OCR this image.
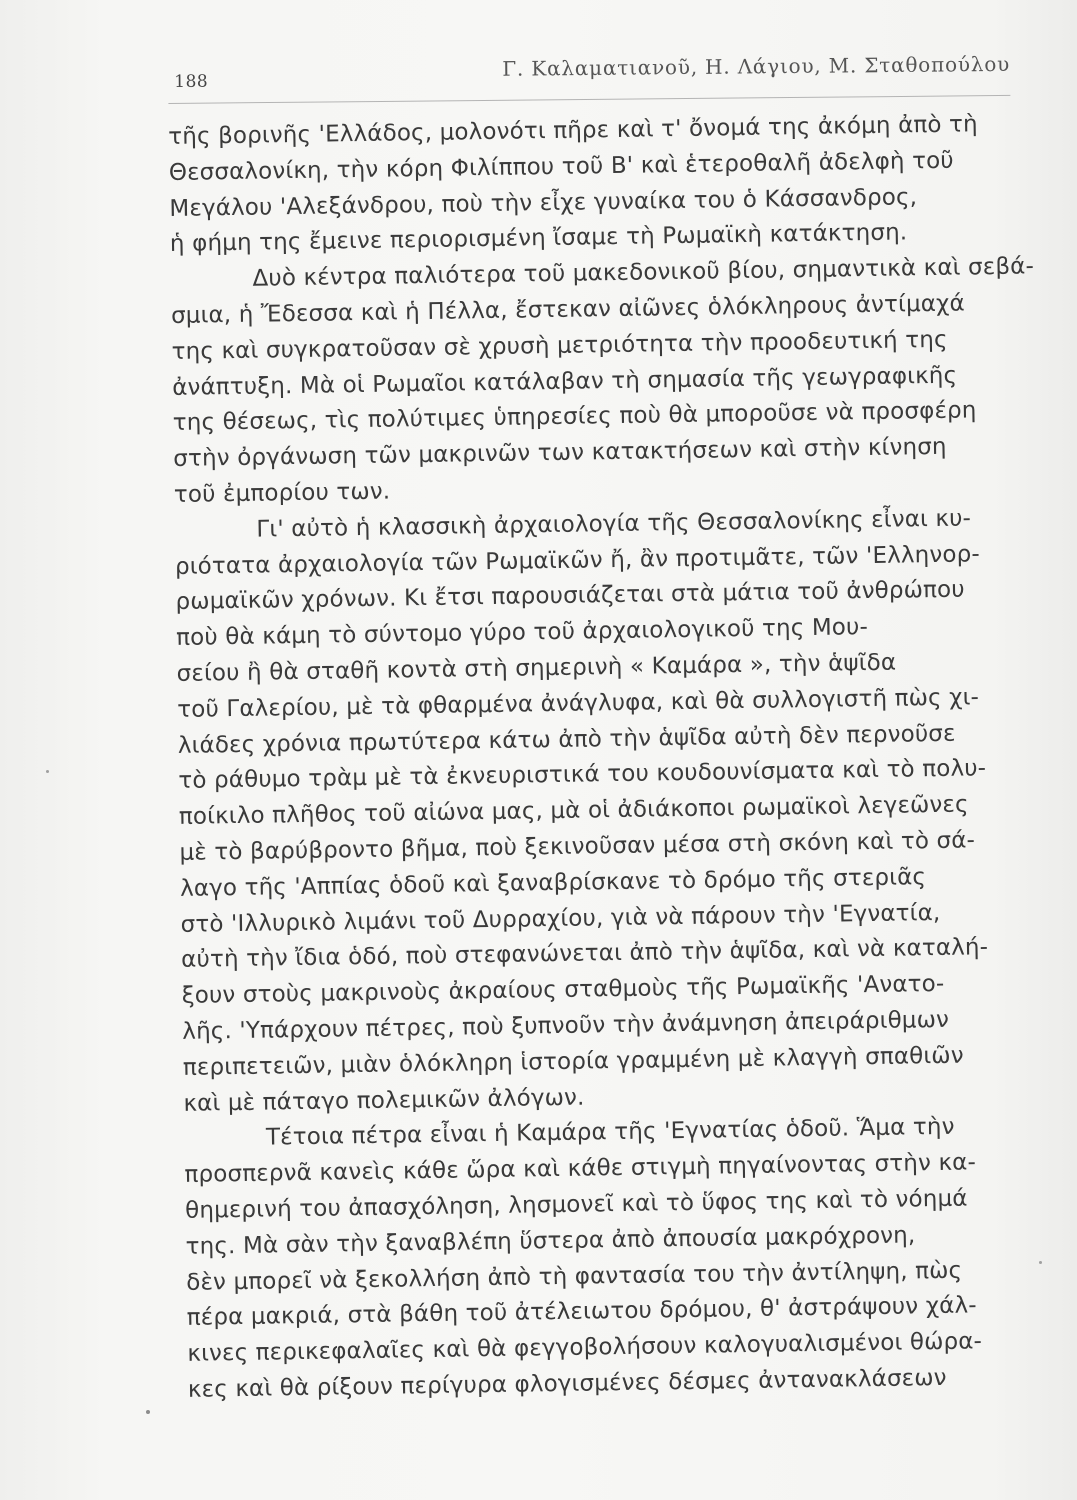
188
Γ. Καλαματιανοῦ, Η. Λάγιου, Μ. Σταθοπούλου
τῆς βορινῆς 'Ελλάδος, μολονότι πῆρε καὶ τ' ὄνομά της ἀκόμη ἀπὸ τὴ
Θεσσαλονίκη, τὴν κόρη Φιλίππου τοῦ Β' καὶ ἑτεροθαλῆ ἀδελφὴ τοῦ
Μεγάλου 'Αλεξάνδρου, ποὺ τὴν εἶχε γυναίκα του ὁ Κάσσανδρος,
ἡ φήμη της ἔμεινε περιορισμένη ἴσαμε τὴ Ρωμαϊκὴ κατάκτηση.
Δυὸ κέντρα παλιότερα τοῦ μακεδονικοῦ βίου, σημαντικὰ καὶ σεβά-
σμια, ἡ Ἔδεσσα καὶ ἡ Πέλλα, ἔστεκαν αἰῶνες ὁλόκληρους ἀντίμαχά
της καὶ συγκρατοῦσαν σὲ χρυσὴ μετριότητα τὴν προοδευτική της
ἀνάπτυξη. Μὰ οἱ Ρωμαῖοι κατάλαβαν τὴ σημασία τῆς γεωγραφικῆς
της θέσεως, τὶς πολύτιμες ὑπηρεσίες ποὺ θὰ μποροῦσε νὰ προσφέρη
στὴν ὀργάνωση τῶν μακρινῶν των κατακτήσεων καὶ στὴν κίνηση
τοῦ ἐμπορίου των.
Γι' αὐτὸ ἡ κλασσικὴ ἀρχαιολογία τῆς Θεσσαλονίκης εἶναι κυ-
ριότατα ἀρχαιολογία τῶν Ρωμαϊκῶν ἤ, ἂν προτιμᾶτε, τῶν 'Ελληνορ-
ρωμαϊκῶν χρόνων. Κι ἔτσι παρουσιάζεται στὰ μάτια τοῦ ἀνθρώπου
ποὺ θὰ κάμη τὸ σύντομο γύρο τοῦ ἀρχαιολογικοῦ της Μου-
σείου ἢ θὰ σταθῆ κοντὰ στὴ σημερινὴ « Καμάρα », τὴν ἁψῖδα
τοῦ Γαλερίου, μὲ τὰ φθαρμένα ἀνάγλυφα, καὶ θὰ συλλογιστῆ πὼς χι-
λιάδες χρόνια πρωτύτερα κάτω ἀπὸ τὴν ἁψῖδα αὐτὴ δὲν περνοῦσε
τὸ ράθυμο τρὰμ μὲ τὰ ἐκνευριστικά του κουδουνίσματα καὶ τὸ πολυ-
ποίκιλο πλῆθος τοῦ αἰώνα μας, μὰ οἱ ἀδιάκοποι ρωμαϊκοὶ λεγεῶνες
μὲ τὸ βαρύβροντο βῆμα, ποὺ ξεκινοῦσαν μέσα στὴ σκόνη καὶ τὸ σά-
λαγο τῆς 'Αππίας ὁδοῦ καὶ ξαναβρίσκανε τὸ δρόμο τῆς στεριᾶς
στὸ 'Ιλλυρικὸ λιμάνι τοῦ Δυρραχίου, γιὰ νὰ πάρουν τὴν 'Εγνατία,
αὐτὴ τὴν ἴδια ὁδό, ποὺ στεφανώνεται ἀπὸ τὴν ἁψῖδα, καὶ νὰ καταλή-
ξουν στοὺς μακρινοὺς ἀκραίους σταθμοὺς τῆς Ρωμαϊκῆς 'Ανατο-
λῆς. 'Υπάρχουν πέτρες, ποὺ ξυπνοῦν τὴν ἀνάμνηση ἀπειράριθμων
περιπετειῶν, μιὰν ὁλόκληρη ἱστορία γραμμένη μὲ κλαγγὴ σπαθιῶν
καὶ μὲ πάταγο πολεμικῶν ἀλόγων.
Τέτοια πέτρα εἶναι ἡ Καμάρα τῆς 'Εγνατίας ὁδοῦ. Ἅμα τὴν
προσπερνᾶ κανεὶς κάθε ὥρα καὶ κάθε στιγμὴ πηγαίνοντας στὴν κα-
θημερινή του ἀπασχόληση, λησμονεῖ καὶ τὸ ὕφος της καὶ τὸ νόημά
της. Μὰ σὰν τὴν ξαναβλέπη ὕστερα ἀπὸ ἀπουσία μακρόχρονη,
δὲν μπορεῖ νὰ ξεκολλήση ἀπὸ τὴ φαντασία του τὴν ἀντίληψη, πὼς
πέρα μακριά, στὰ βάθη τοῦ ἀτέλειωτου δρόμου, θ' ἀστράψουν χάλ-
κινες περικεφαλαῖες καὶ θὰ φεγγοβολήσουν καλογυαλισμένοι θώρα-
κες καὶ θὰ ρίξουν περίγυρα φλογισμένες δέσμες ἀντανακλάσεων
